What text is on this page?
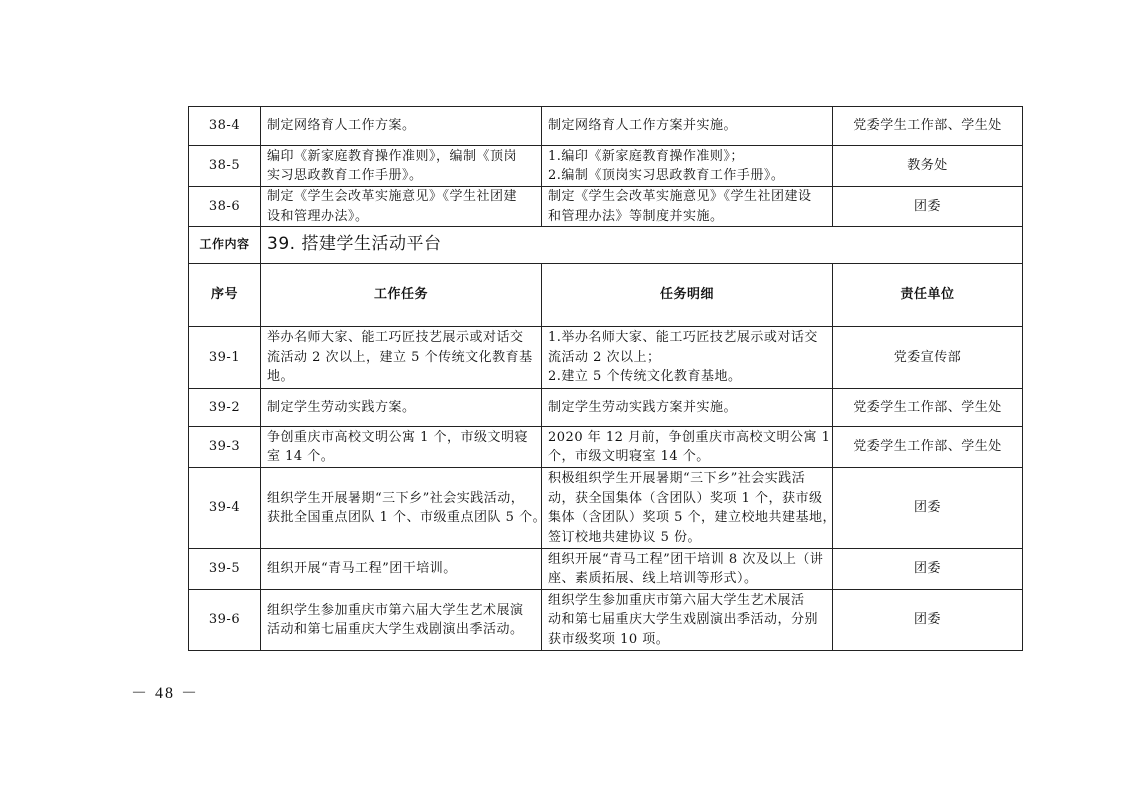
38-4	制定网络育人工作方案。	制定网络育人工作方案并实施。	党委学生工作部、学生处
38-5	编印《新家庭教育操作准则》，编制《顶岗
实习思政教育工作手册》。	1.编印《新家庭教育操作准则》；
2.编制《顶岗实习思政教育工作手册》。	教务处
38-6	制定《学生会改革实施意见》《学生社团建
设和管理办法》。	制定《学生会改革实施意见》《学生社团建设
和管理办法》等制度并实施。	团委
工作内容	39. 搭建学生活动平台		
序号	工作任务	任务明细	责任单位
39-1	举办名师大家、能工巧匠技艺展示或对话交
流活动 2 次以上，建立 5 个传统文化教育基
地。	1.举办名师大家、能工巧匠技艺展示或对话交
流活动 2 次以上；
2.建立 5 个传统文化教育基地。	党委宣传部
39-2	制定学生劳动实践方案。	制定学生劳动实践方案并实施。	党委学生工作部、学生处
39-3	争创重庆市高校文明公寓 1 个，市级文明寝
室 14 个。	2020 年 12 月前，争创重庆市高校文明公寓 1
个，市级文明寝室 14 个。	党委学生工作部、学生处
39-4	组织学生开展暑期“三下乡”社会实践活动，
获批全国重点团队 1 个、市级重点团队 5 个。	积极组织学生开展暑期“三下乡”社会实践活
动，获全国集体（含团队）奖项 1 个，获市级
集体（含团队）奖项 5 个，建立校地共建基地，
签订校地共建协议 5 份。	团委
39-5	组织开展“青马工程”团干培训。	组织开展“青马工程”团干培训 8 次及以上（讲
座、素质拓展、线上培训等形式）。	团委
39-6	组织学生参加重庆市第六届大学生艺术展演
活动和第七届重庆大学生戏剧演出季活动。	组织学生参加重庆市第六届大学生艺术展活
动和第七届重庆大学生戏剧演出季活动，分别
获市级奖项 10 项。	团委
－ 48 －
